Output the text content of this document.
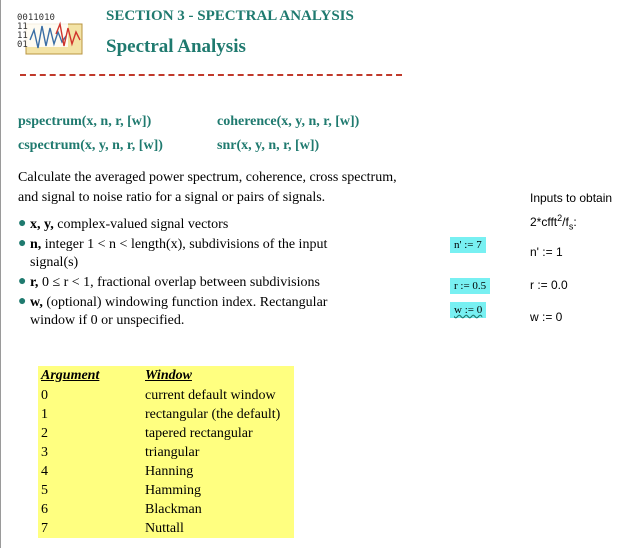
0011010
11
11
01
SECTION 3 - SPECTRAL ANALYSIS
Spectral Analysis
pspectrum(x, n, r, [w])	coherence(x, y, n, r, [w])
cspectrum(x, y, n, r, [w])	snr(x, y, n, r, [w])
Calculate the averaged power spectrum, coherence, cross spectrum, and signal to noise ratio for a signal or pairs of signals.
● x, y, complex-valued signal vectors
● n, integer 1 < n < length(x), subdivisions of the input signal(s)
● r, 0 ≤ r < 1, fractional overlap between subdivisions
● w, (optional) windowing function index. Rectangular window if 0 or unspecified.
n' := 7
r := 0.5
w := 0
Inputs to obtain
$2*cfft^2/f_s$:
n' := 1
r := 0.0
w := 0
Argument	Window
0	current default window
1	rectangular (the default)
2	tapered rectangular
3	triangular
4	Hanning
5	Hamming
6	Blackman
7	Nuttall
